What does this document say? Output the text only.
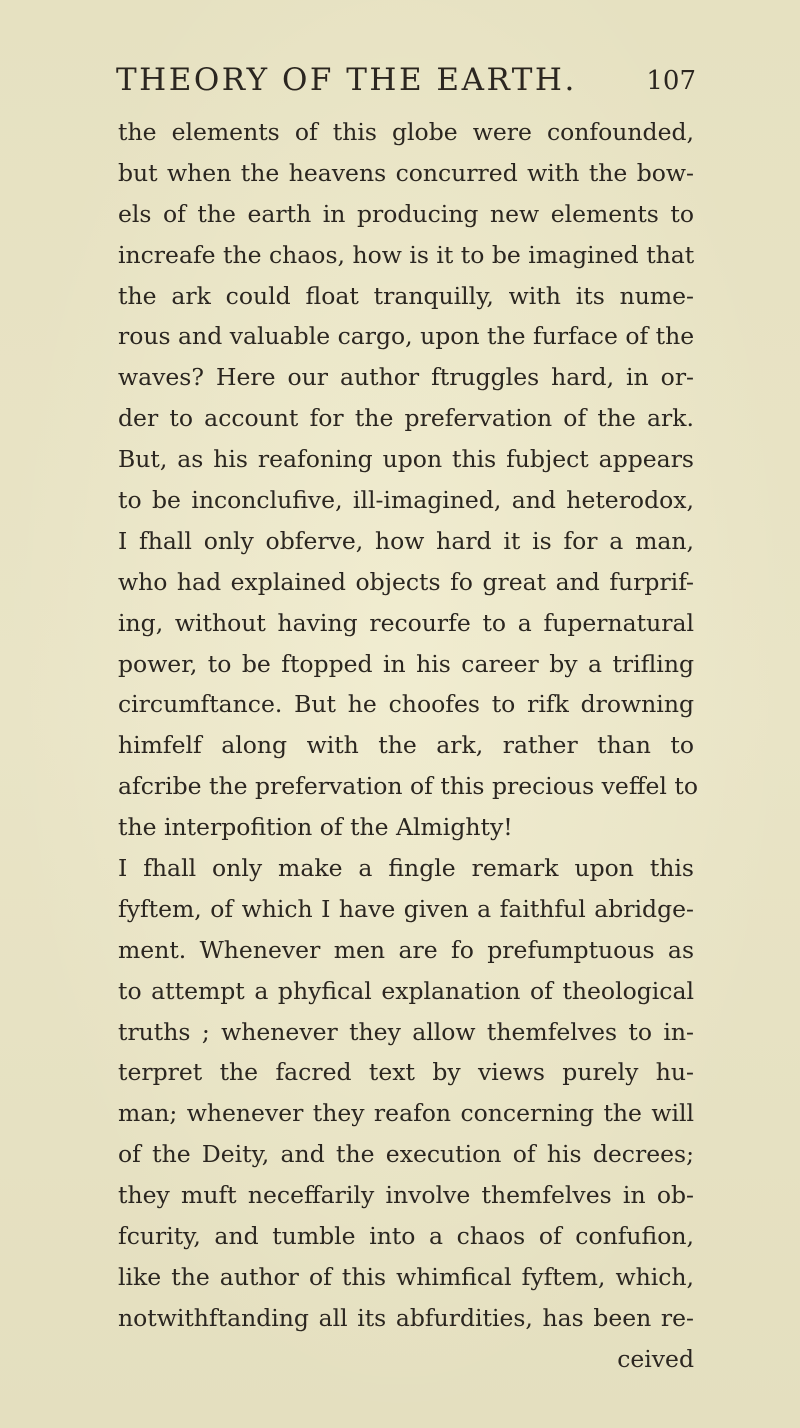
THEORY OF THE EARTH.	107
the elements of this globe were confounded,
but when the heavens concurred with the bow-
els of the earth in producing new elements to
increafe the chaos, how is it to be imagined that
the ark could float tranquilly, with its nume-
rous and valuable cargo, upon the furface of the
waves? Here our author ftruggles hard, in or-
der to account for the prefervation of the ark.
But, as his reafoning upon this fubject appears
to be inconclufive, ill-imagined, and heterodox,
I fhall only obferve, how hard it is for a man,
who had explained objects fo great and furprif-
ing, without having recourfe to a fupernatural
power, to be ftopped in his career by a trifling
circumftance. But he choofes to rifk drowning
himfelf along with the ark, rather than to
afcribe the prefervation of this precious veffel to
the interpofition of the Almighty!
I fhall only make a fingle remark upon this
fyftem, of which I have given a faithful abridge-
ment. Whenever men are fo prefumptuous as
to attempt a phyfical explanation of theological
truths ; whenever they allow themfelves to in-
terpret the facred text by views purely hu-
man; whenever they reafon concerning the will
of the Deity, and the execution of his decrees;
they muft neceffarily involve themfelves in ob-
fcurity, and tumble into a chaos of confufion,
like the author of this whimfical fyftem, which,
notwithftanding all its abfurdities, has been re-
ceived
